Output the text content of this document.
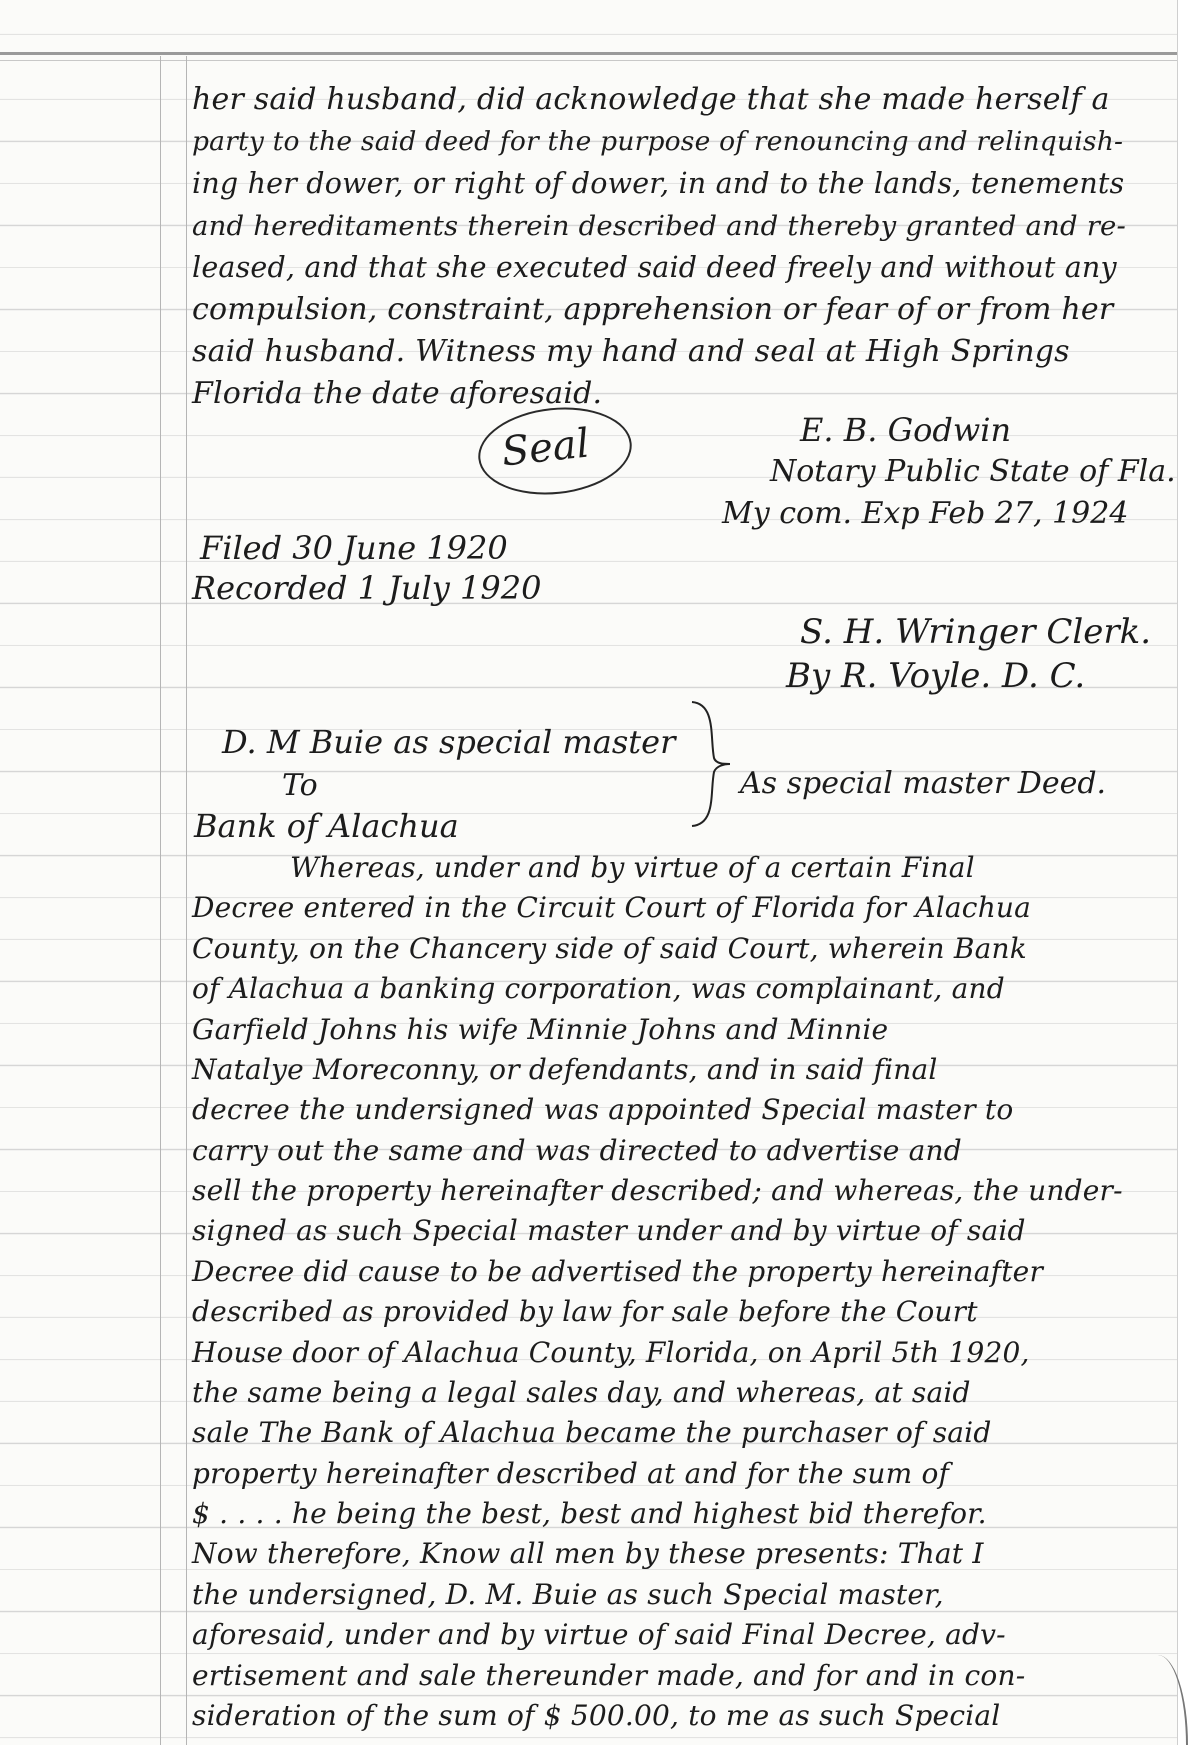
her said husband, did acknowledge that she made herself a
party to the said deed for the purpose of renouncing and relinquish-
ing her dower, or right of dower, in and to the lands, tenements
and hereditaments therein described and thereby granted and re-
leased, and that she executed said deed freely and without any
compulsion, constraint, apprehension or fear of or from her
said husband. Witness my hand and seal at High Springs
Florida the date aforesaid.
Seal	E. B. Godwin
Notary Public State of Fla.
My com. Exp Feb 27, 1924
Filed 30 June 1920
Recorded 1 July 1920
S. H. Wringer Clerk.
By R. Voyle. D. C.
D. M Buie as special master
To
Bank of Alachua
As special master Deed.
Whereas, under and by virtue of a certain Final
Decree entered in the Circuit Court of Florida for Alachua
County, on the Chancery side of said Court, wherein Bank
of Alachua a banking corporation, was complainant, and
Garfield Johns his wife Minnie Johns and Minnie
Natalye Moreconny, or defendants, and in said final
decree the undersigned was appointed Special master to
carry out the same and was directed to advertise and
sell the property hereinafter described; and whereas, the under-
signed as such Special master under and by virtue of said
Decree did cause to be advertised the property hereinafter
described as provided by law for sale before the Court
House door of Alachua County, Florida, on April 5th 1920,
the same being a legal sales day, and whereas, at said
sale The Bank of Alachua became the purchaser of said
property hereinafter described at and for the sum of
$ . . . . he being the best, best and highest bid therefor.
Now therefore, Know all men by these presents: That I
the undersigned, D. M. Buie as such Special master,
aforesaid, under and by virtue of said Final Decree, adv-
ertisement and sale thereunder made, and for and in con-
sideration of the sum of $ 500.00, to me as such Special
